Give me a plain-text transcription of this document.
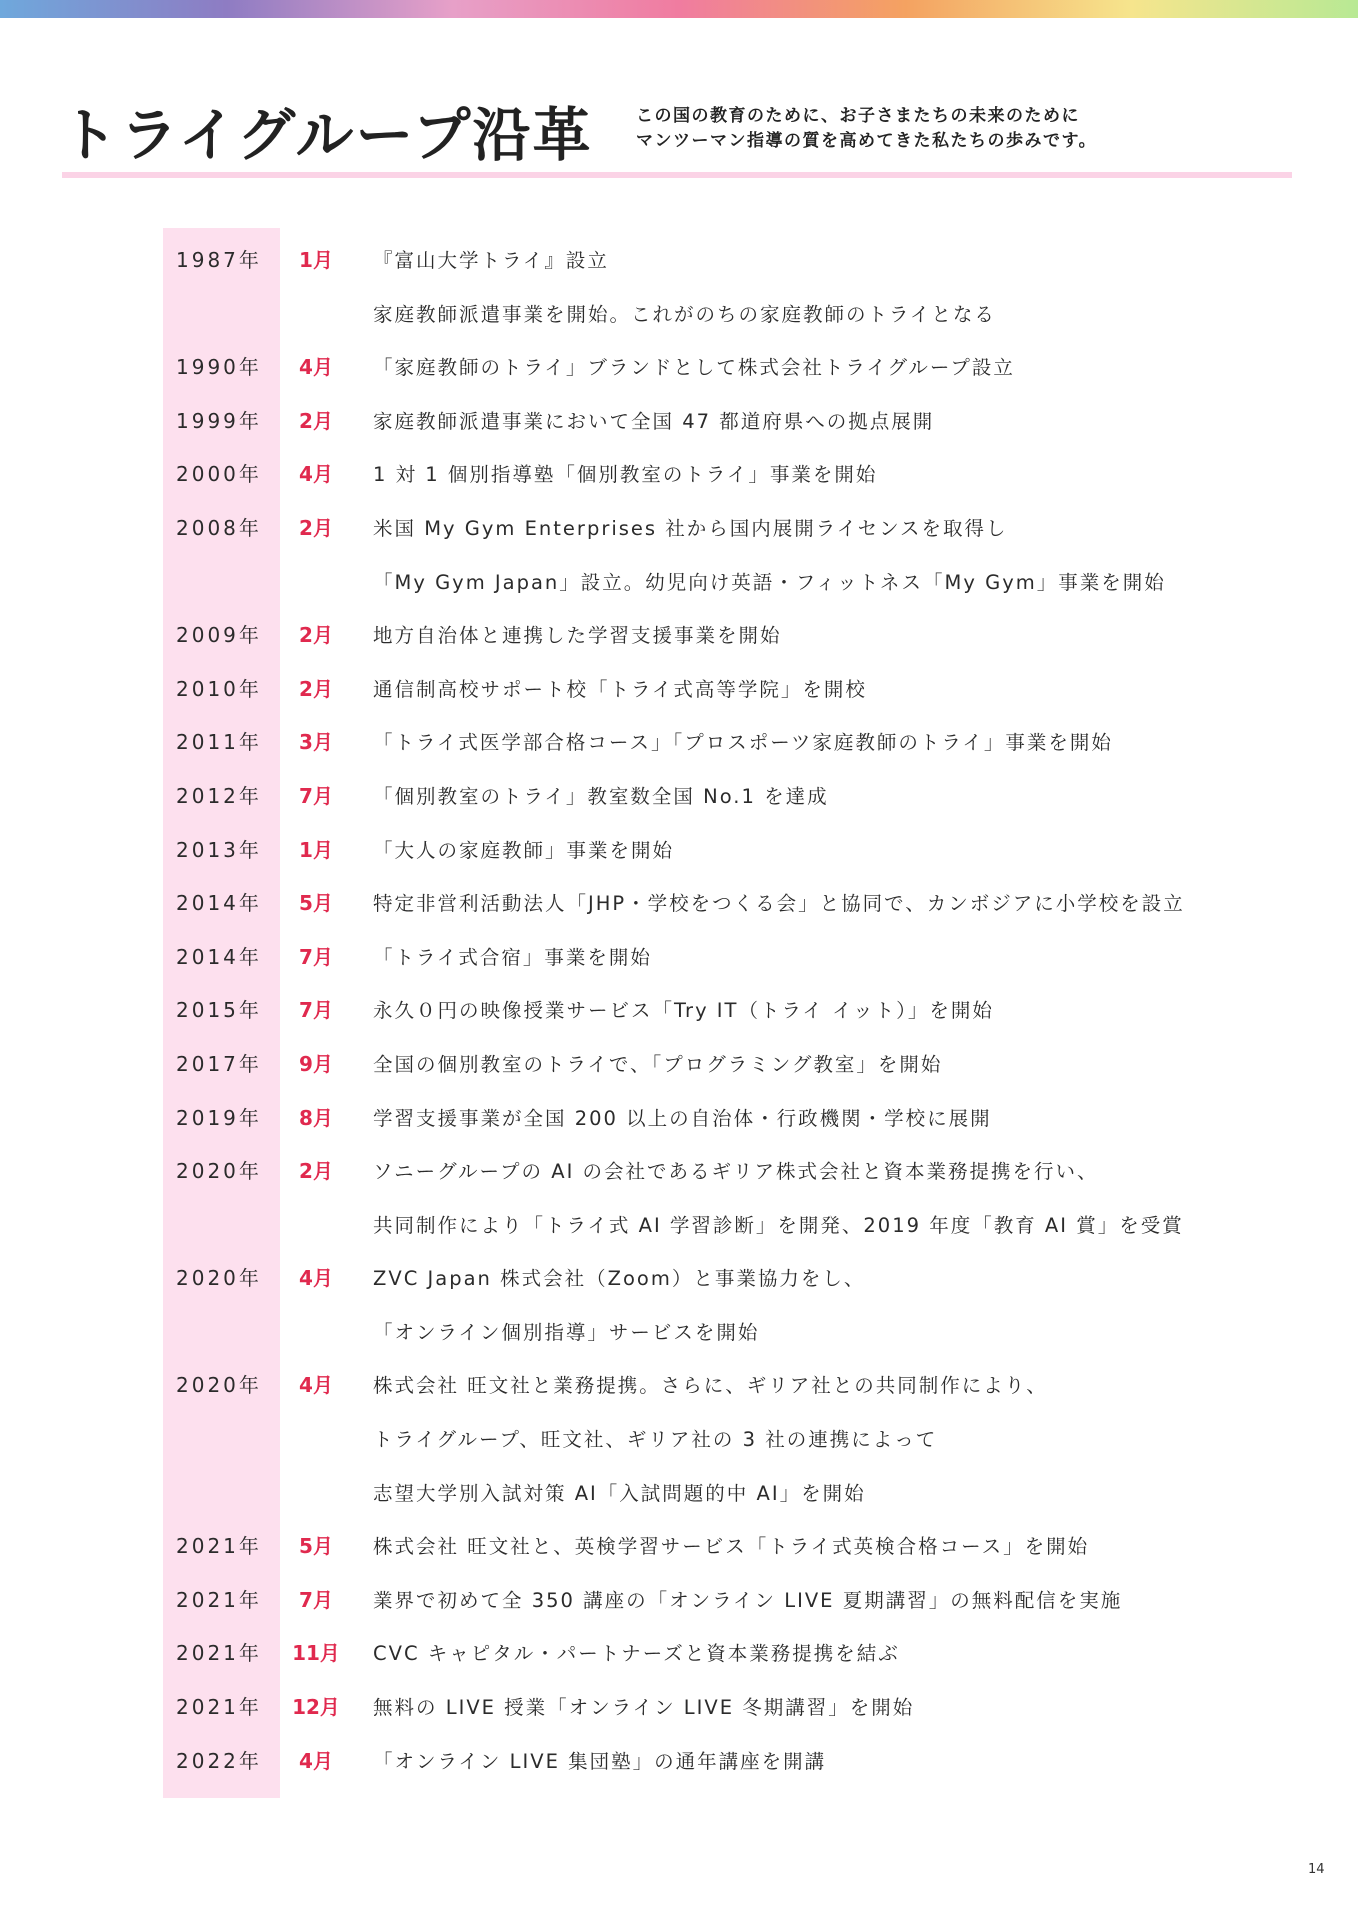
トライグループ沿革	この国の教育のために、お子さまたちの未来のために
マンツーマン指導の質を高めてきた私たちの歩みです。
1987年	1月	『富山大学トライ』設立
家庭教師派遣事業を開始。これがのちの家庭教師のトライとなる
1990年	4月	「家庭教師のトライ」ブランドとして株式会社トライグループ設立
1999年	2月	家庭教師派遣事業において全国 47 都道府県への拠点展開
2000年	4月	1 対 1 個別指導塾「個別教室のトライ」事業を開始
2008年	2月	米国 My Gym Enterprises 社から国内展開ライセンスを取得し
「My Gym Japan」設立。幼児向け英語・フィットネス「My Gym」事業を開始
2009年	2月	地方自治体と連携した学習支援事業を開始
2010年	2月	通信制高校サポート校「トライ式高等学院」を開校
2011年	3月	「トライ式医学部合格コース」「プロスポーツ家庭教師のトライ」事業を開始
2012年	7月	「個別教室のトライ」教室数全国 No.1 を達成
2013年	1月	「大人の家庭教師」事業を開始
2014年	5月	特定非営利活動法人「JHP・学校をつくる会」と協同で、カンボジアに小学校を設立
2014年	7月	「トライ式合宿」事業を開始
2015年	7月	永久０円の映像授業サービス「Try IT（トライ イット）」を開始
2017年	9月	全国の個別教室のトライで、「プログラミング教室」を開始
2019年	8月	学習支援事業が全国 200 以上の自治体・行政機関・学校に展開
2020年	2月	ソニーグループの AI の会社であるギリア株式会社と資本業務提携を行い、
共同制作により「トライ式 AI 学習診断」を開発、2019 年度「教育 AI 賞」を受賞
2020年	4月	ZVC Japan 株式会社（Zoom）と事業協力をし、
「オンライン個別指導」サービスを開始
2020年	4月	株式会社 旺文社と業務提携。さらに、ギリア社との共同制作により、
トライグループ、旺文社、ギリア社の 3 社の連携によって
志望大学別入試対策 AI「入試問題的中 AI」を開始
2021年	5月	株式会社 旺文社と、英検学習サービス「トライ式英検合格コース」を開始
2021年	7月	業界で初めて全 350 講座の「オンライン LIVE 夏期講習」の無料配信を実施
2021年 11月 CVC キャピタル・パートナーズと資本業務提携を結ぶ
2021年 12月 無料の LIVE 授業「オンライン LIVE 冬期講習」を開始
2022年	4月	「オンライン LIVE 集団塾」の通年講座を開講
14
